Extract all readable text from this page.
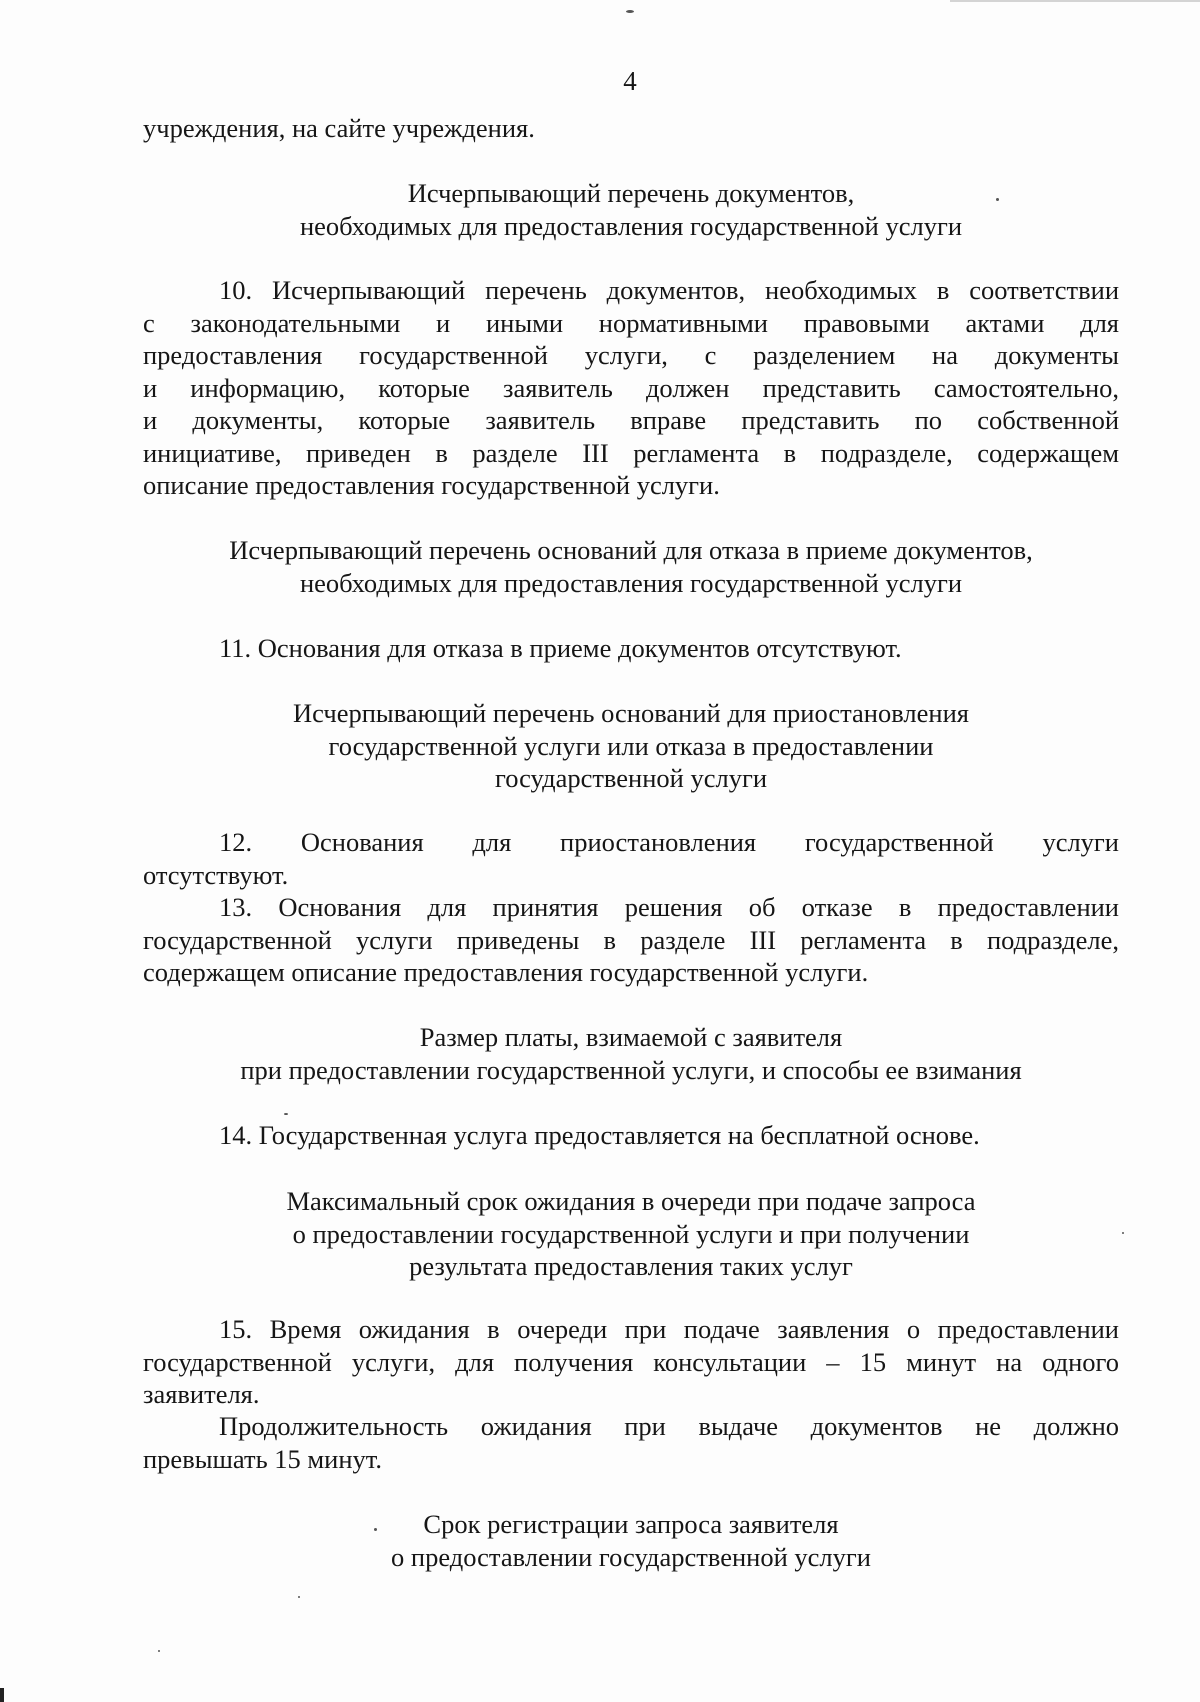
4
учреждения, на сайте учреждения.
Исчерпывающий перечень документов,
необходимых для предоставления государственной услуги
10. Исчерпывающий перечень документов, необходимых в соответствии
с законодательными и иными нормативными правовыми актами для
предоставления государственной услуги, с разделением на документы
и информацию, которые заявитель должен представить самостоятельно,
и документы, которые заявитель вправе представить по собственной
инициативе, приведен в разделе III регламента в подразделе, содержащем
описание предоставления государственной услуги.
Исчерпывающий перечень оснований для отказа в приеме документов,
необходимых для предоставления государственной услуги
11. Основания для отказа в приеме документов отсутствуют.
Исчерпывающий перечень оснований для приостановления
государственной услуги или отказа в предоставлении
государственной услуги
12. Основания для приостановления государственной услуги
отсутствуют.
13. Основания для принятия решения об отказе в предоставлении
государственной услуги приведены в разделе III регламента в подразделе,
содержащем описание предоставления государственной услуги.
Размер платы, взимаемой с заявителя
при предоставлении государственной услуги, и способы ее взимания
14. Государственная услуга предоставляется на бесплатной основе.
Максимальный срок ожидания в очереди при подаче запроса
о предоставлении государственной услуги и при получении
результата предоставления таких услуг
15. Время ожидания в очереди при подаче заявления о предоставлении
государственной услуги, для получения консультации – 15 минут на одного
заявителя.
Продолжительность ожидания при выдаче документов не должно
превышать 15 минут.
Срок регистрации запроса заявителя
о предоставлении государственной услуги
